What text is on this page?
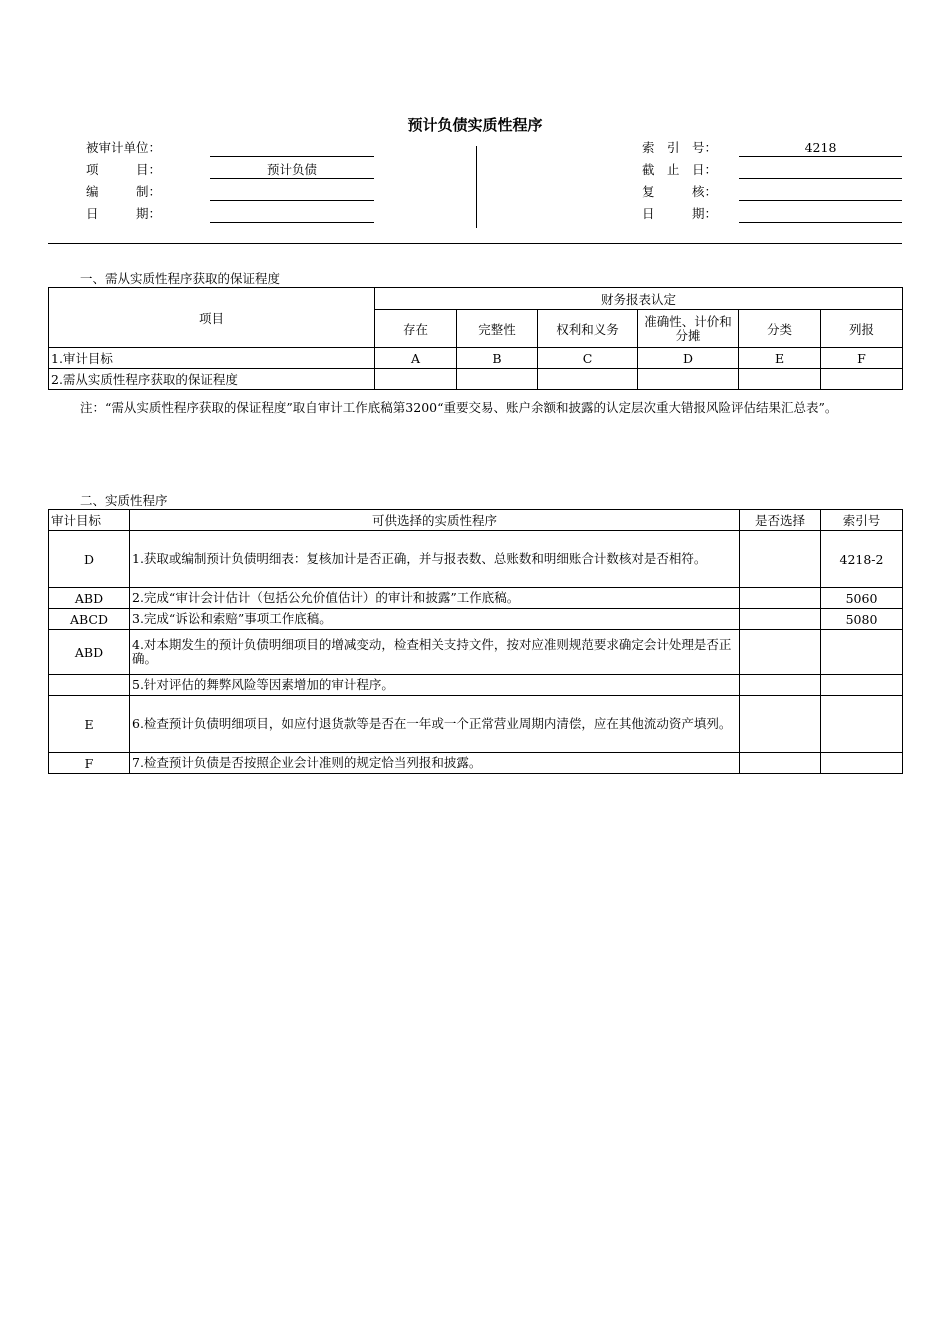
预计负债实质性程序
被审计单位：
项　　　目：	预计负债
编　　　制：
日　　　期：
索　引　号：	4218
截　止　日：
复　　　核：
日　　　期：
一、需从实质性程序获取的保证程度
项目	财务报表认定					
	存在	完整性	权利和义务	准确性、计价和分摊	分类	列报
1.审计目标	A	B	C	D	E	F
2.需从实质性程序获取的保证程度						
注：“需从实质性程序获取的保证程度”取自审计工作底稿第3200“重要交易、账户余额和披露的认定层次重大错报风险评估结果汇总表”。
二、实质性程序
审计目标	可供选择的实质性程序	是否选择	索引号
D	1.获取或编制预计负债明细表：复核加计是否正确，并与报表数、总账数和明细账合计数核对是否相符。		4218-2
ABD	2.完成“审计会计估计（包括公允价值估计）的审计和披露”工作底稿。		5060
ABCD	3.完成“诉讼和索赔”事项工作底稿。		5080
ABD	4.对本期发生的预计负债明细项目的增减变动，检查相关支持文件，按对应准则规范要求确定会计处理是否正确。		
	5.针对评估的舞弊风险等因素增加的审计程序。		
E	6.检查预计负债明细项目，如应付退货款等是否在一年或一个正常营业周期内清偿，应在其他流动资产填列。		
F	7.检查预计负债是否按照企业会计准则的规定恰当列报和披露。		
